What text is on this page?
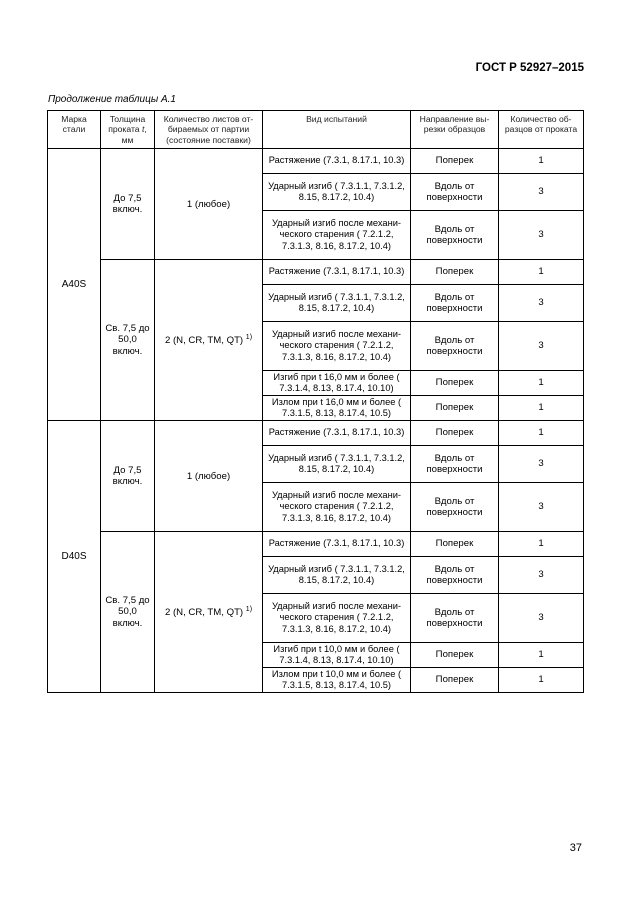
ГОСТ Р 52927–2015
Продолжение таблицы А.1
Марка стали	Толщина проката t, мм	Количество листов от-бираемых от партии (состояние поставки)	Вид испытаний	Направление вы-резки образцов	Количество об-разцов от проката
А40S	До 7,5 включ.	1 (любое)	Растяжение (7.3.1, 8.17.1, 10.3)	Поперек	1
			Ударный изгиб ( 7.3.1.1, 7.3.1.2, 8.15, 8.17.2, 10.4)	Вдоль от поверхности	3
			Ударный изгиб после механи-ческого старения ( 7.2.1.2, 7.3.1.3, 8.16, 8.17.2, 10.4)	Вдоль от поверхности	3
	Св. 7,5 до 50,0 включ.	2 (N, CR, TM, QT) $^{1)}$	Растяжение (7.3.1, 8.17.1, 10.3)	Поперек	1
			Ударный изгиб ( 7.3.1.1, 7.3.1.2, 8.15, 8.17.2, 10.4)	Вдоль от поверхности	3
			Ударный изгиб после механи-ческого старения ( 7.2.1.2, 7.3.1.3, 8.16, 8.17.2, 10.4)	Вдоль от поверхности	3
			Изгиб при t 16,0 мм и более ( 7.3.1.4, 8.13, 8.17.4, 10.10)	Поперек	1
			Излом при t 16,0 мм и более ( 7.3.1.5, 8.13, 8.17.4, 10.5)	Поперек	1
D40S	До 7,5 включ.	1 (любое)	Растяжение (7.3.1, 8.17.1, 10.3)	Поперек	1
			Ударный изгиб ( 7.3.1.1, 7.3.1.2, 8.15, 8.17.2, 10.4)	Вдоль от поверхности	3
			Ударный изгиб после механи-ческого старения ( 7.2.1.2, 7.3.1.3, 8.16, 8.17.2, 10.4)	Вдоль от поверхности	3
	Св. 7,5 до 50,0 включ.	2 (N, CR, TM, QT) $^{1)}$	Растяжение (7.3.1, 8.17.1, 10.3)	Поперек	1
			Ударный изгиб ( 7.3.1.1, 7.3.1.2, 8.15, 8.17.2, 10.4)	Вдоль от поверхности	3
			Ударный изгиб после механи-ческого старения ( 7.2.1.2, 7.3.1.3, 8.16, 8.17.2, 10.4)	Вдоль от поверхности	3
			Изгиб при t 10,0 мм и более ( 7.3.1.4, 8.13, 8.17.4, 10.10)	Поперек	1
			Излом при t 10,0 мм и более ( 7.3.1.5, 8.13, 8.17.4, 10.5)	Поперек	1
37
